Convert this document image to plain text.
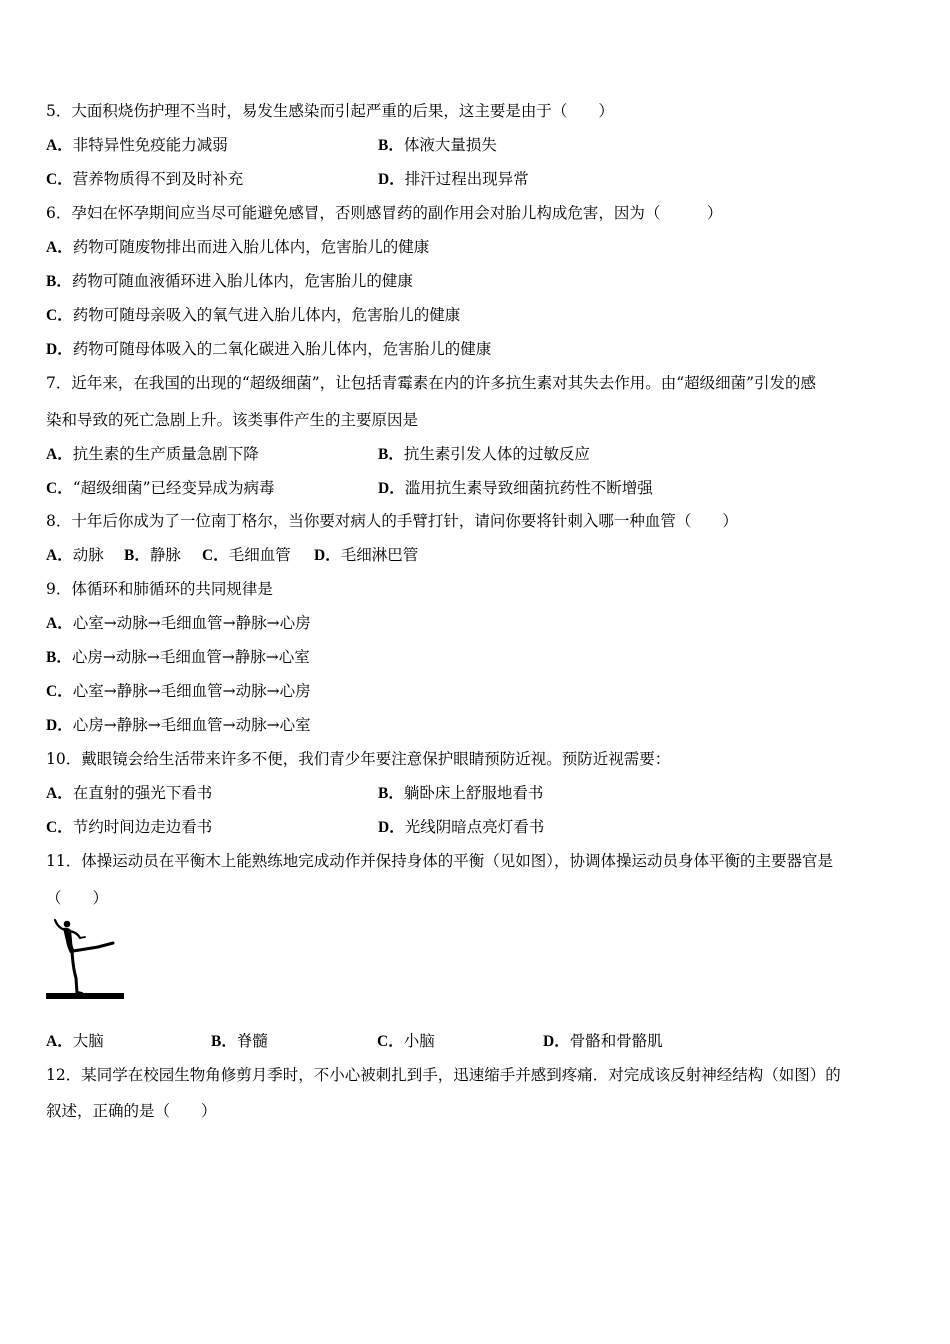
5．大面积烧伤护理不当时，易发生感染而引起严重的后果，这主要是由于（　　）
A．非特异性免疫能力减弱	B．体液大量损失
C．营养物质得不到及时补充	D．排汗过程出现异常
6．孕妇在怀孕期间应当尽可能避免感冒，否则感冒药的副作用会对胎儿构成危害，因为（　　　）
A．药物可随废物排出而进入胎儿体内，危害胎儿的健康
B．药物可随血液循环进入胎儿体内，危害胎儿的健康
C．药物可随母亲吸入的氧气进入胎儿体内，危害胎儿的健康
D．药物可随母体吸入的二氧化碳进入胎儿体内，危害胎儿的健康
7．近年来，在我国的出现的“超级细菌”，让包括青霉素在内的许多抗生素对其失去作用。由“超级细菌”引发的感
染和导致的死亡急剧上升。该类事件产生的主要原因是
A．抗生素的生产质量急剧下降	B．抗生素引发人体的过敏反应
C．“超级细菌”已经变异成为病毒	D．滥用抗生素导致细菌抗药性不断增强
8．十年后你成为了一位南丁格尔，当你要对病人的手臂打针，请问你要将针刺入哪一种血管（　　）
A．动脉 B．静脉 C．毛细血管 D．毛细淋巴管
9．体循环和肺循环的共同规律是
A．心室→动脉→毛细血管→静脉→心房
B．心房→动脉→毛细血管→静脉→心室
C．心室→静脉→毛细血管→动脉→心房
D．心房→静脉→毛细血管→动脉→心室
10．戴眼镜会给生活带来许多不便，我们青少年要注意保护眼睛预防近视。预防近视需要：
A．在直射的强光下看书	B．躺卧床上舒服地看书
C．节约时间边走边看书	D．光线阴暗点亮灯看书
11．体操运动员在平衡木上能熟练地完成动作并保持身体的平衡（见如图），协调体操运动员身体平衡的主要器官是
（　　）
A．大脑	B．脊髓	C．小脑	D．骨骼和骨骼肌
12．某同学在校园生物角修剪月季时，不小心被刺扎到手，迅速缩手并感到疼痛．对完成该反射神经结构（如图）的
叙述，正确的是（　　）
